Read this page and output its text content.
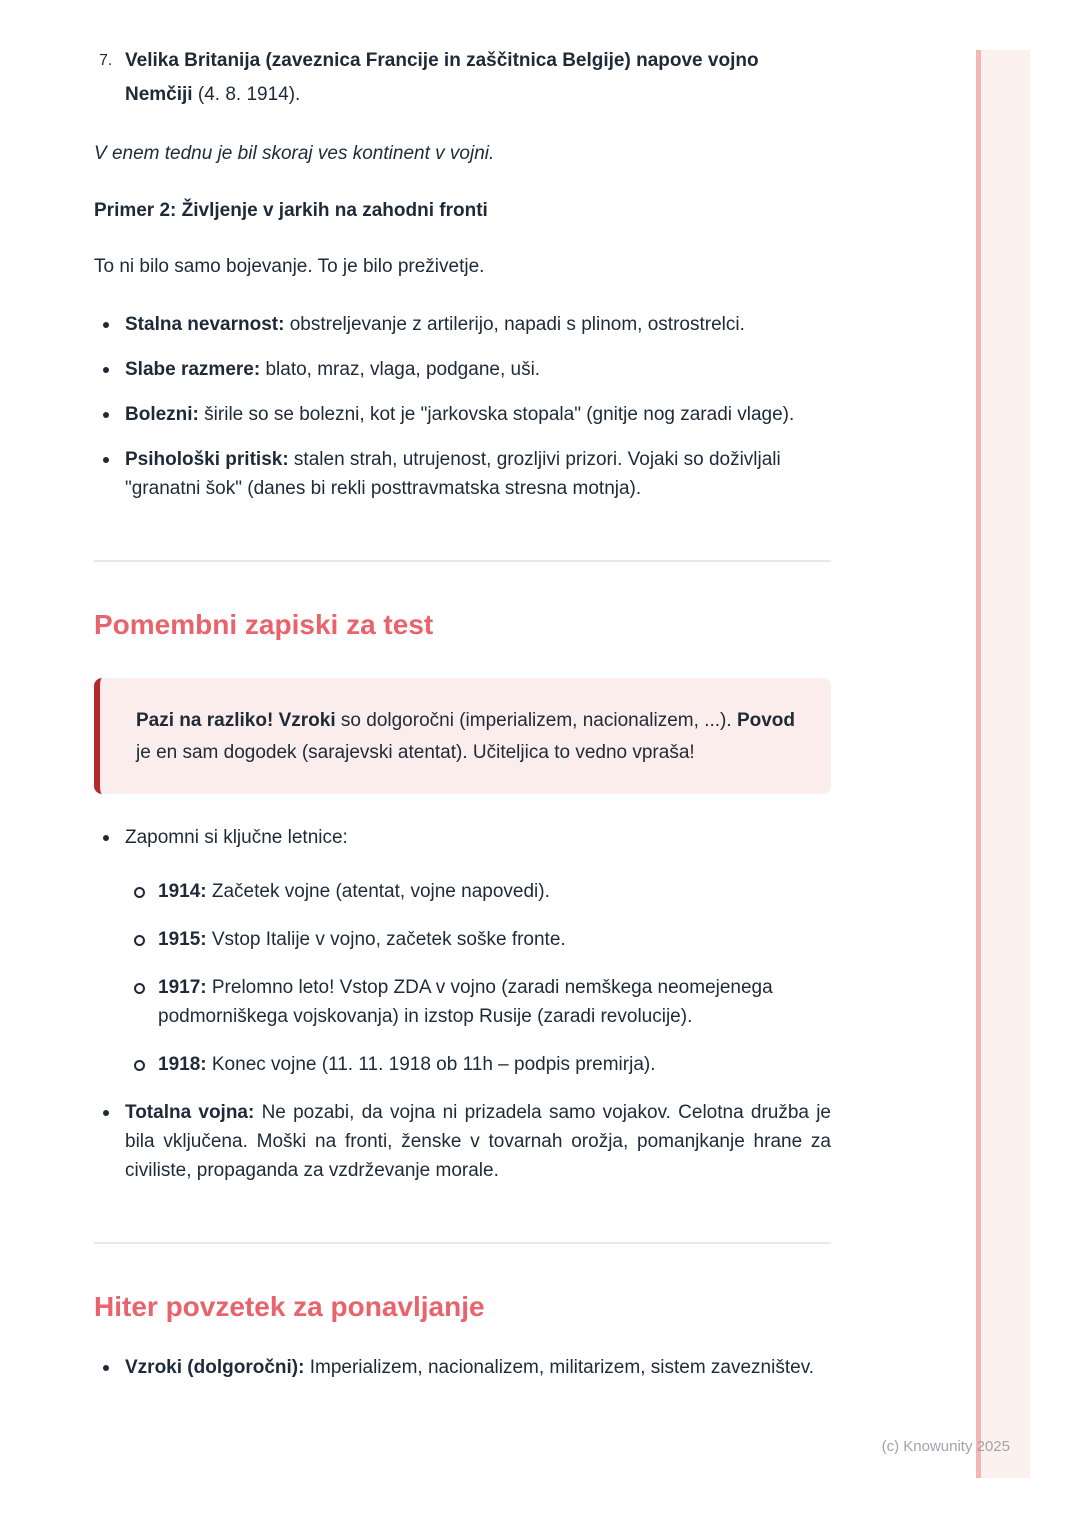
7. Velika Britanija (zaveznica Francije in zaščitnica Belgije) napove vojno Nemčiji (4. 8. 1914).

V enem tednu je bil skoraj ves kontinent v vojni.

Primer 2: Življenje v jarkih na zahodni fronti

To ni bilo samo bojevanje. To je bilo preživetje.

Stalna nevarnost: obstreljevanje z artilerijo, napadi s plinom, ostrostrelci.
Slabe razmere: blato, mraz, vlaga, podgane, uši.
Bolezni: širile so se bolezni, kot je "jarkovska stopala" (gnitje nog zaradi vlage).
Psihološki pritisk: stalen strah, utrujenost, grozljivi prizori. Vojaki so doživljali "granatni šok" (danes bi rekli posttravmatska stresna motnja).
Pomembni zapiski za test

Pazi na razliko! Vzroki so dolgoročni (imperializem, nacionalizem, ...). Povod je en sam dogodek (sarajevski atentat). Učiteljica to vedno vpraša!

Zapomni si ključne letnice:
1914: Začetek vojne (atentat, vojne napovedi).
1915: Vstop Italije v vojno, začetek soške fronte.
1917: Prelomno leto! Vstop ZDA v vojno (zaradi nemškega neomejenega podmorniškega vojskovanja) in izstop Rusije (zaradi revolucije).
1918: Konec vojne (11. 11. 1918 ob 11h – podpis premirja).
Totalna vojna: Ne pozabi, da vojna ni prizadela samo vojakov. Celotna družba je bila vključena. Moški na fronti, ženske v tovarnah orožja, pomanjkanje hrane za civiliste, propaganda za vzdrževanje morale.
Hiter povzetek za ponavljanje
Vzroki (dolgoročni): Imperializem, nacionalizem, militarizem, sistem zavezništev.
(c) Knowunity 2025
